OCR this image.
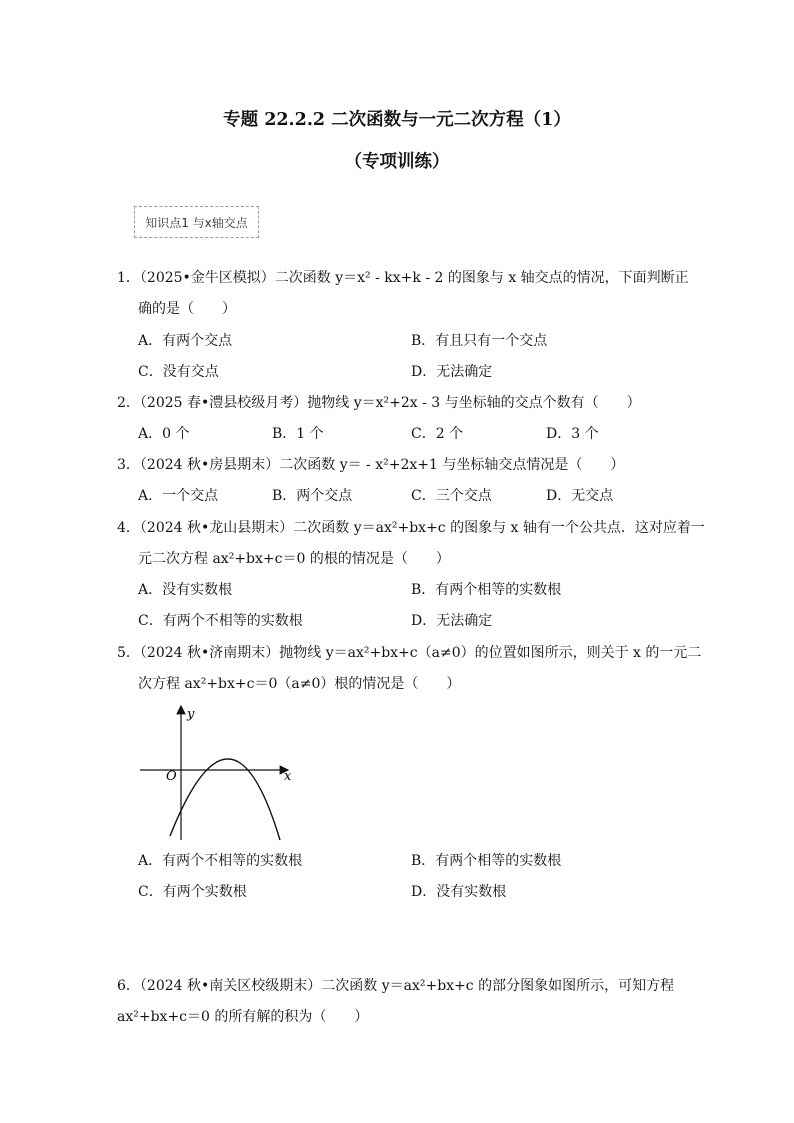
专题 22.2.2 二次函数与一元二次方程（1）
（专项训练）
知识点1 与x轴交点
1．（2025•金牛区模拟）二次函数 y＝x² - kx+k - 2 的图象与 x 轴交点的情况，下面判断正
确的是（　　）
A．有两个交点	B．有且只有一个交点
C．没有交点	D．无法确定
2．（2025 春•澧县校级月考）抛物线 y＝x²+2x - 3 与坐标轴的交点个数有（　　）
A．0 个	B．1 个	C．2 个	D．3 个
3．（2024 秋•房县期末）二次函数 y＝ - x²+2x+1 与坐标轴交点情况是（　　）
A．一个交点	B．两个交点	C．三个交点	D．无交点
4．（2024 秋•龙山县期末）二次函数 y＝ax²+bx+c 的图象与 x 轴有一个公共点．这对应着一
元二次方程 ax²+bx+c＝0 的根的情况是（　　）
A．没有实数根	B．有两个相等的实数根
C．有两个不相等的实数根	D．无法确定
5．（2024 秋•济南期末）抛物线 y＝ax²+bx+c（a≠0）的位置如图所示，则关于 x 的一元二
次方程 ax²+bx+c＝0（a≠0）根的情况是（　　）
y
x
O
A．有两个不相等的实数根	B．有两个相等的实数根
C．有两个实数根	D．没有实数根
6．（2024 秋•南关区校级期末）二次函数 y＝ax²+bx+c 的部分图象如图所示，可知方程
ax²+bx+c＝0 的所有解的积为（　　）
